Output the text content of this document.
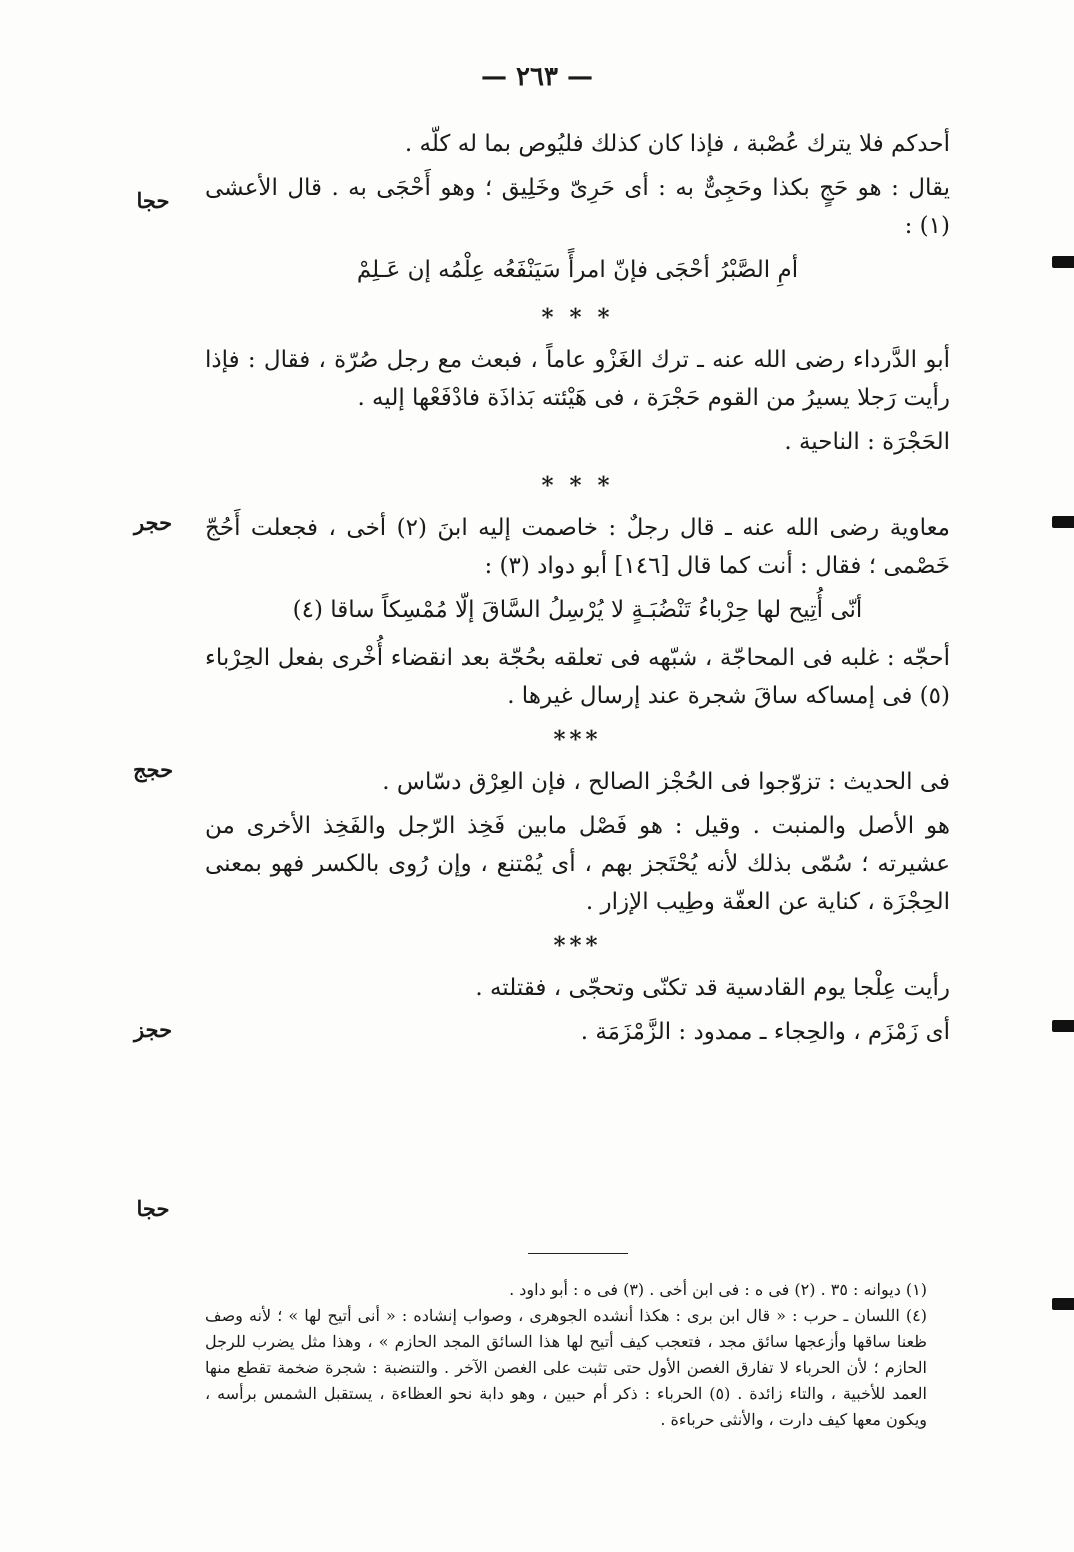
— ٢٦٣ —

أحدكم فلا يترك عُصْبة ، فإذا كان كذلك فليُوص بما له كلّه .

يقال : هو حَجٍ بكذا وحَجِىٌّ به : أى حَرِىّ وخَلِيق ؛ وهو أَحْجَى به . قال الأعشى (١) :

أمِ الصَّبْرُ أحْجَى فإنّ امرأً سَيَنْفَعُه عِلْمُه إن عَـلِمْ

* * *

أبو الدَّرداء رضى الله عنه ـ ترك الغَزْو عاماً ، فبعث مع رجل صُرّة ، فقال : فإذا رأيت رَجلا يسيرُ من القوم حَجْرَة ، فى هَيْئته بَذاذَة فادْفَعْها إليه .

الحَجْرَة : الناحية .

* * *

معاوية رضى الله عنه ـ قال رجلٌ : خاصمت إليه ابنَ (٢) أخى ، فجعلت أَحُجّ خَصْمى ؛ فقال : أنت كما قال [١٤٦] أبو دواد (٣) :

أنّى أُتِيح لها حِرْباءُ تَنْضُبَـةٍ لا يُرْسِلُ السَّاقَ إلّا مُمْسِكاً ساقا (٤)

أحجّه : غلبه فى المحاجّة ، شبّهه فى تعلقه بحُجّة بعد انقضاء أُخْرى بفعل الحِرْباء (٥) فى إمساكه ساقَ شجرة عند إرسال غيرها .

***

فى الحديث : تزوّجوا فى الحُجْز الصالح ، فإن العِرْق دسّاس .

هو الأصل والمنبت . وقيل : هو فَصْل مابين فَخِذ الرّجل والفَخِذ الأخرى من عشيرته ؛ سُمّى بذلك لأنه يُحْتَجز بهم ، أى يُمْتنع ، وإن رُوى بالكسر فهو بمعنى الحِجْزَة ، كناية عن العفّة وطِيب الإزار .

***

رأيت عِلْجا يوم القادسية قد تكنّى وتحجّى ، فقتلته .

أى زَمْزَم ، والحِجاء ـ ممدود : الزَّمْزَمَة .

حجا
حجر
حجج
حجز
حجا

(١) ديوانه : ٣٥ . (٢) فى ه : فى ابن أخى . (٣) فى ه : أبو داود .

(٤) اللسان ـ حرب : « قال ابن برى : هكذا أنشده الجوهرى ، وصواب إنشاده : « أنى أتيح لها » ؛ لأنه وصف ظعنا ساقها وأزعجها سائق مجد ، فتعجب كيف أتيح لها هذا السائق المجد الحازم » ، وهذا مثل يضرب للرجل الحازم ؛ لأن الحرباء لا تفارق الغصن الأول حتى تثبت على الغصن الآخر . والتنضبة : شجرة ضخمة تقطع منها العمد للأخبية ، والتاء زائدة . (٥) الحرباء : ذكر أم حبين ، وهو دابة نحو العظاءة ، يستقبل الشمس برأسه ، ويكون معها كيف دارت ، والأنثى حرباءة .
